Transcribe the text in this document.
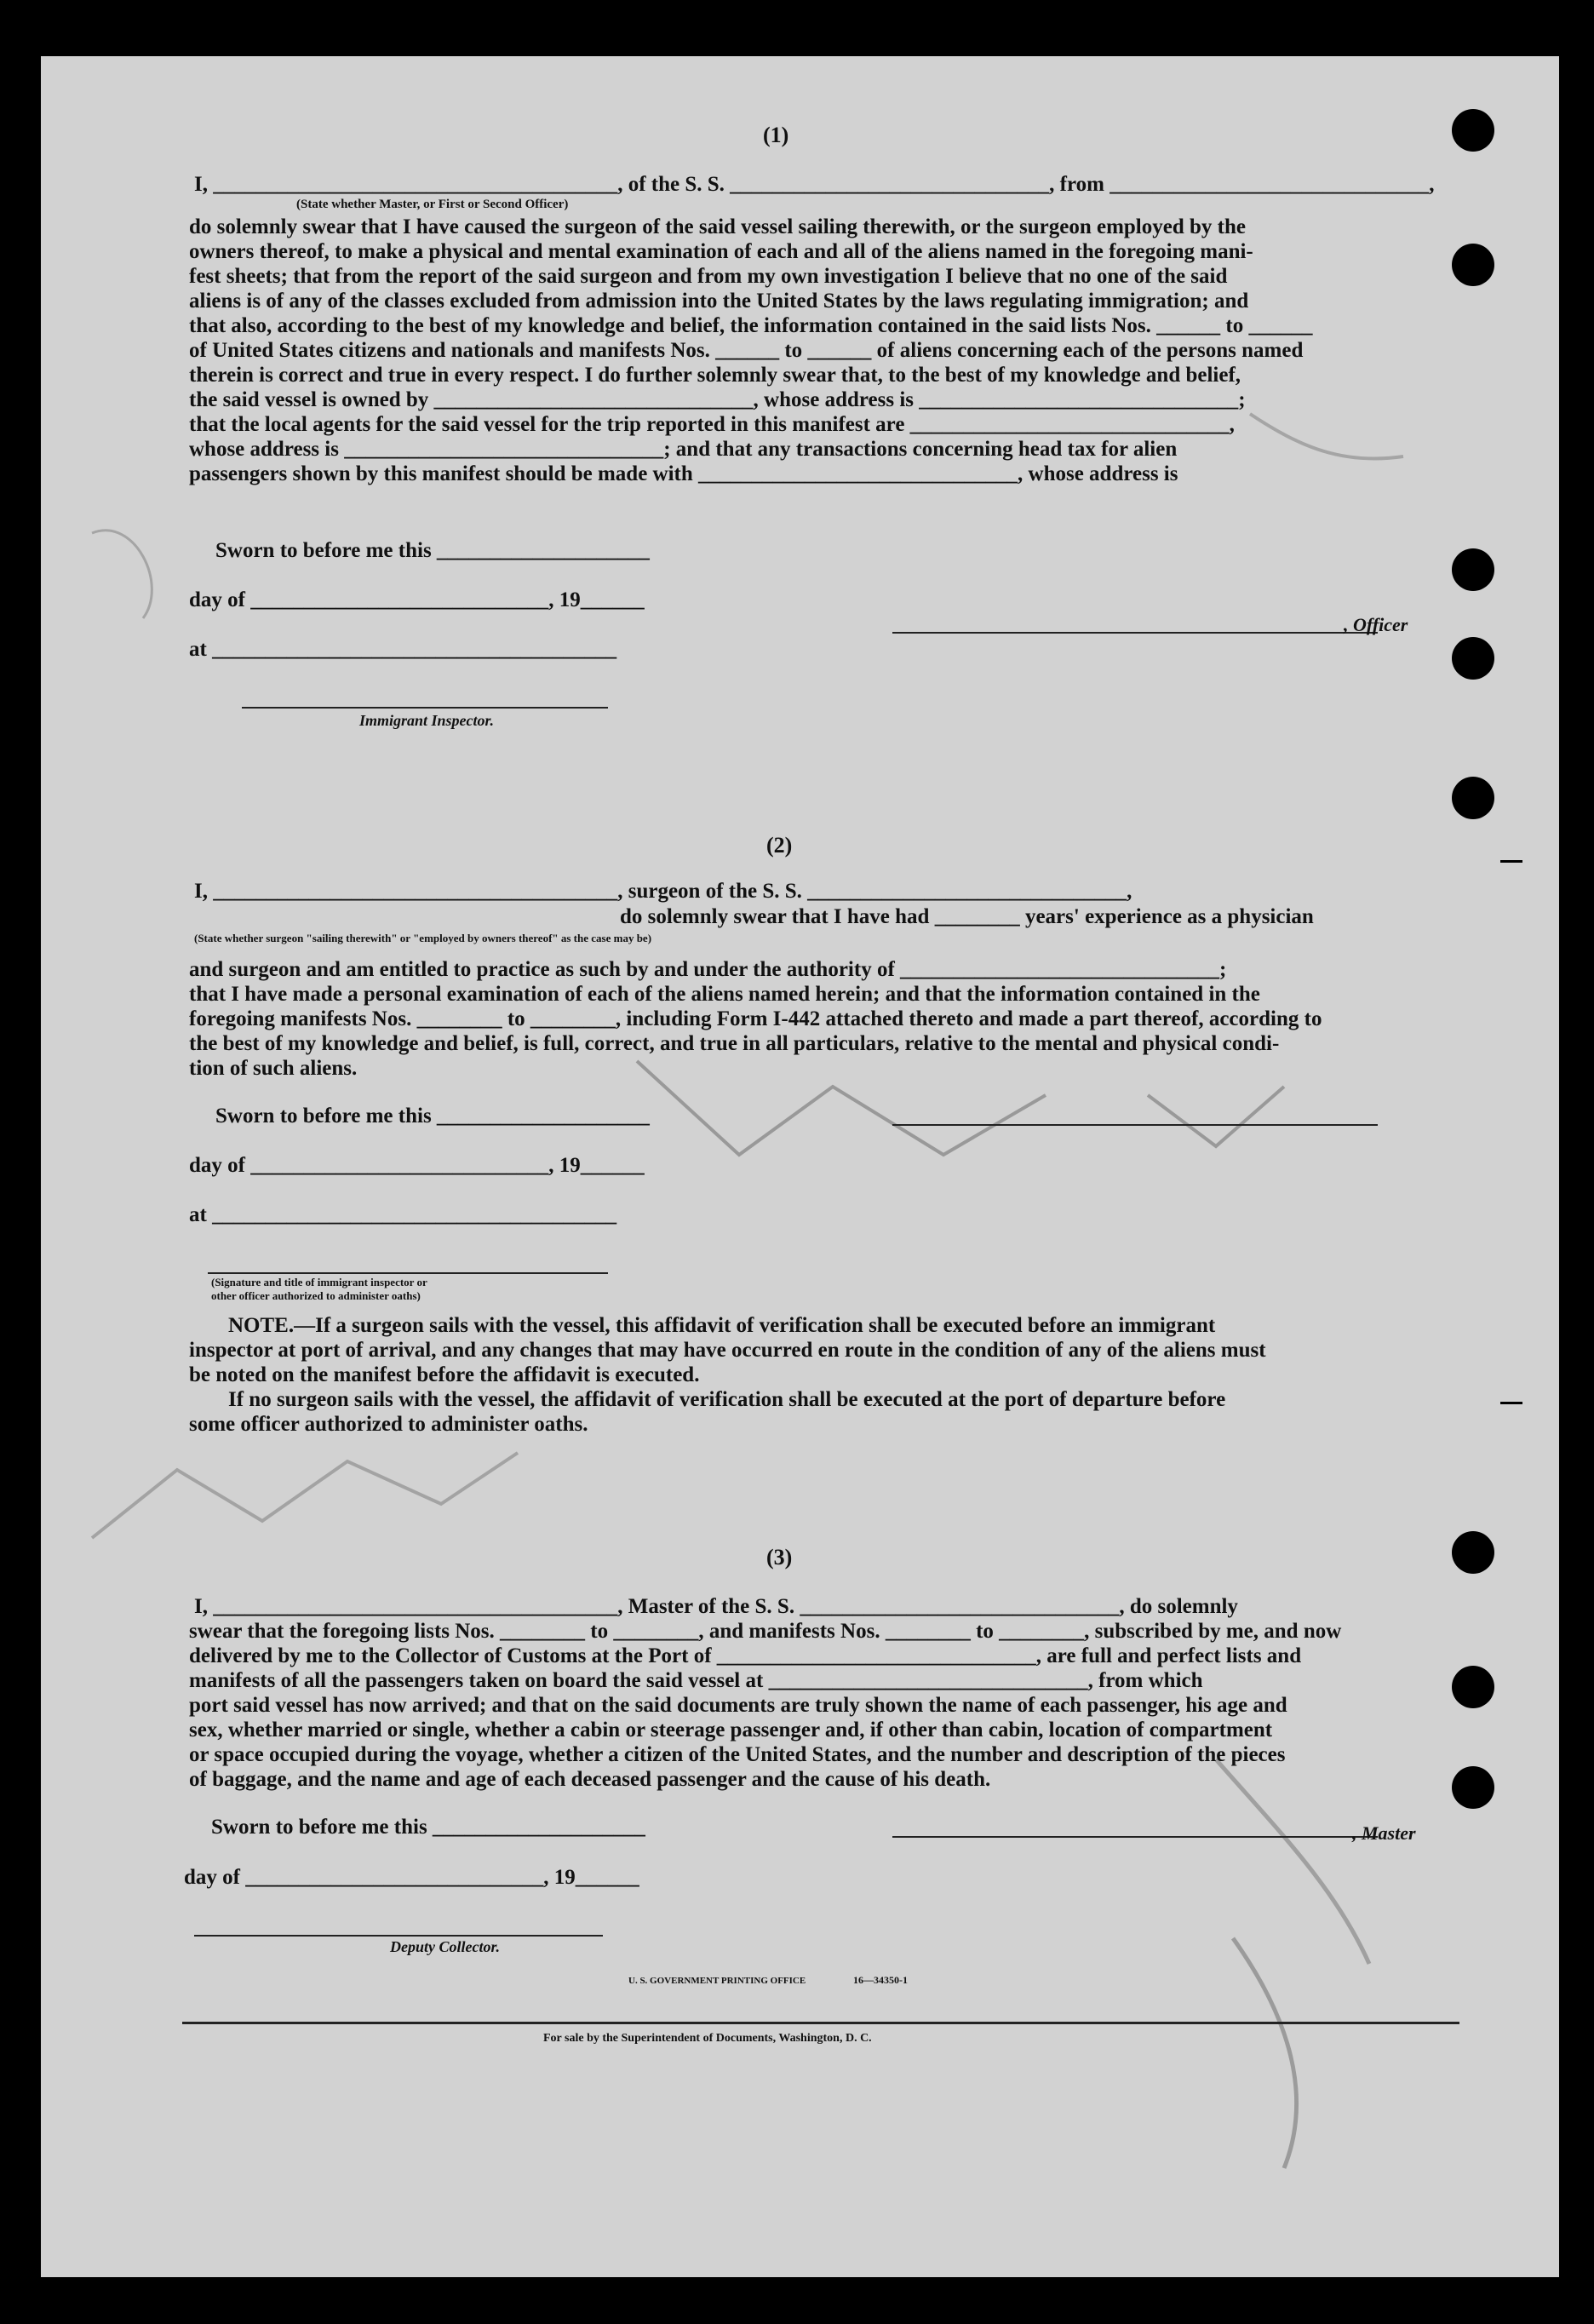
(1)
I, ______________________________________, of the S. S. ______________________________, from ______________________________,
(State whether Master, or First or Second Officer)
do solemnly swear that I have caused the surgeon of the said vessel sailing therewith, or the surgeon employed by the
owners thereof, to make a physical and mental examination of each and all of the aliens named in the foregoing mani-
fest sheets; that from the report of the said surgeon and from my own investigation I believe that no one of the said
aliens is of any of the classes excluded from admission into the United States by the laws regulating immigration; and
that also, according to the best of my knowledge and belief, the information contained in the said lists Nos. ______ to ______
of United States citizens and nationals and manifests Nos. ______ to ______ of aliens concerning each of the persons named
therein is correct and true in every respect. I do further solemnly swear that, to the best of my knowledge and belief,
the said vessel is owned by ______________________________, whose address is ______________________________;
that the local agents for the said vessel for the trip reported in this manifest are ______________________________,
whose address is ______________________________; and that any transactions concerning head tax for alien
passengers shown by this manifest should be made with ______________________________, whose address is
Sworn to before me this ____________________
day of ____________________________, 19______
at ______________________________________
Immigrant Inspector.
, Officer
(2)
I, ______________________________________, surgeon of the S. S. ______________________________,
do solemnly swear that I have had ________ years' experience as a physician
(State whether surgeon "sailing therewith" or "employed by owners thereof" as the case may be)
and surgeon and am entitled to practice as such by and under the authority of ______________________________;
that I have made a personal examination of each of the aliens named herein; and that the information contained in the
foregoing manifests Nos. ________ to ________, including Form I-442 attached thereto and made a part thereof, according to
the best of my knowledge and belief, is full, correct, and true in all particulars, relative to the mental and physical condi-
tion of such aliens.
Sworn to before me this ____________________
day of ____________________________, 19______
at ______________________________________
(Signature and title of immigrant inspector or
other officer authorized to administer oaths)
NOTE.—If a surgeon sails with the vessel, this affidavit of verification shall be executed before an immigrant
inspector at port of arrival, and any changes that may have occurred en route in the condition of any of the aliens must
be noted on the manifest before the affidavit is executed.
If no surgeon sails with the vessel, the affidavit of verification shall be executed at the port of departure before
some officer authorized to administer oaths.
(3)
I, ______________________________________, Master of the S. S. ______________________________, do solemnly
swear that the foregoing lists Nos. ________ to ________, and manifests Nos. ________ to ________, subscribed by me, and now
delivered by me to the Collector of Customs at the Port of ______________________________, are full and perfect lists and
manifests of all the passengers taken on board the said vessel at ______________________________, from which
port said vessel has now arrived; and that on the said documents are truly shown the name of each passenger, his age and
sex, whether married or single, whether a cabin or steerage passenger and, if other than cabin, location of compartment
or space occupied during the voyage, whether a citizen of the United States, and the number and description of the pieces
of baggage, and the name and age of each deceased passenger and the cause of his death.
Sworn to before me this ____________________	, Master
day of ____________________________, 19______
Deputy Collector.
U. S. GOVERNMENT PRINTING OFFICE	16—34350-1
For sale by the Superintendent of Documents, Washington, D. C.
